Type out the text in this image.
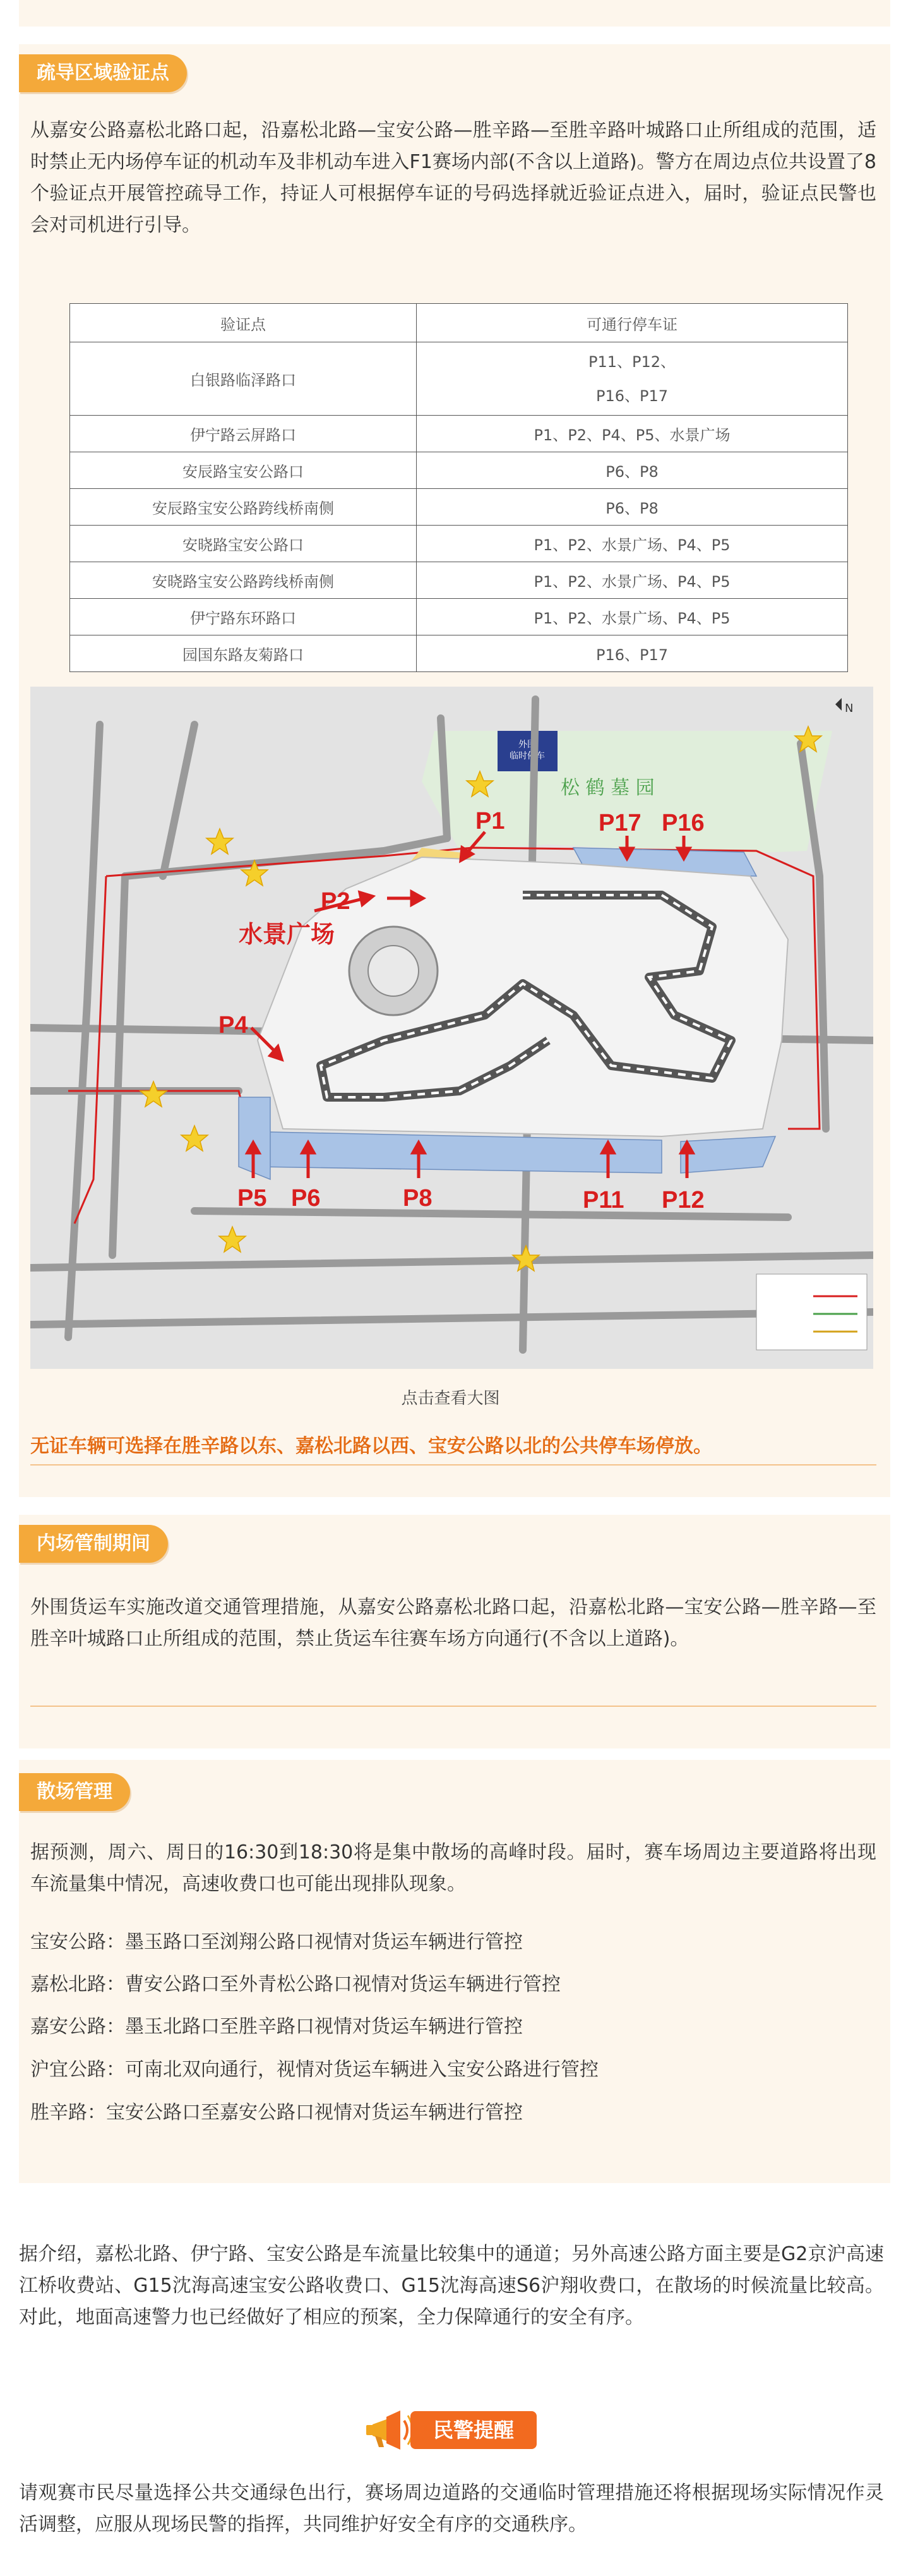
疏导区域验证点

从嘉安公路嘉松北路口起，沿嘉松北路—宝安公路—胜辛路—至胜辛路叶城路口止所组成的范围，适时禁止无内场停车证的机动车及非机动车进入F1赛场内部(不含以上道路)。警方在周边点位共设置了8个验证点开展管控疏导工作，持证人可根据停车证的号码选择就近验证点进入，届时，验证点民警也会对司机进行引导。

验证点	可通行停车证
白银路临泽路口	P11、P12、
P16、P17
伊宁路云屏路口	P1、P2、P4、P5、水景广场
安辰路宝安公路口	P6、P8
安辰路宝安公路跨线桥南侧	P6、P8
安晓路宝安公路口	P1、P2、水景广场、P4、P5
安晓路宝安公路跨线桥南侧	P1、P2、水景广场、P4、P5
伊宁路东环路口	P1、P2、水景广场、P4、P5
园国东路友菊路口	P16、P17
松 鹤 墓 园
外围临时停车
N
P1
P2
P4
P5 P6	P8	P11 P12
P17 P16
水景广场
点击查看大图
无证车辆可选择在胜辛路以东、嘉松北路以西、宝安公路以北的公共停车场停放。
内场管制期间

外围货运车实施改道交通管理措施，从嘉安公路嘉松北路口起，沿嘉松北路—宝安公路—胜辛路—至胜辛叶城路口止所组成的范围，禁止货运车往赛车场方向通行(不含以上道路)。

散场管理

据预测，周六、周日的16:30到18:30将是集中散场的高峰时段。届时，赛车场周边主要道路将出现车流量集中情况，高速收费口也可能出现排队现象。

宝安公路：墨玉路口至浏翔公路口视情对货运车辆进行管控

嘉松北路：曹安公路口至外青松公路口视情对货运车辆进行管控

嘉安公路：墨玉北路口至胜辛路口视情对货运车辆进行管控

沪宜公路：可南北双向通行，视情对货运车辆进入宝安公路进行管控

胜辛路：宝安公路口至嘉安公路口视情对货运车辆进行管控

据介绍，嘉松北路、伊宁路、宝安公路是车流量比较集中的通道；另外高速公路方面主要是G2京沪高速江桥收费站、G15沈海高速宝安公路收费口、G15沈海高速S6沪翔收费口，在散场的时候流量比较高。对此，地面高速警力也已经做好了相应的预案，全力保障通行的安全有序。

民警提醒

请观赛市民尽量选择公共交通绿色出行，赛场周边道路的交通临时管理措施还将根据现场实际情况作灵活调整，应服从现场民警的指挥，共同维护好安全有序的交通秩序。
